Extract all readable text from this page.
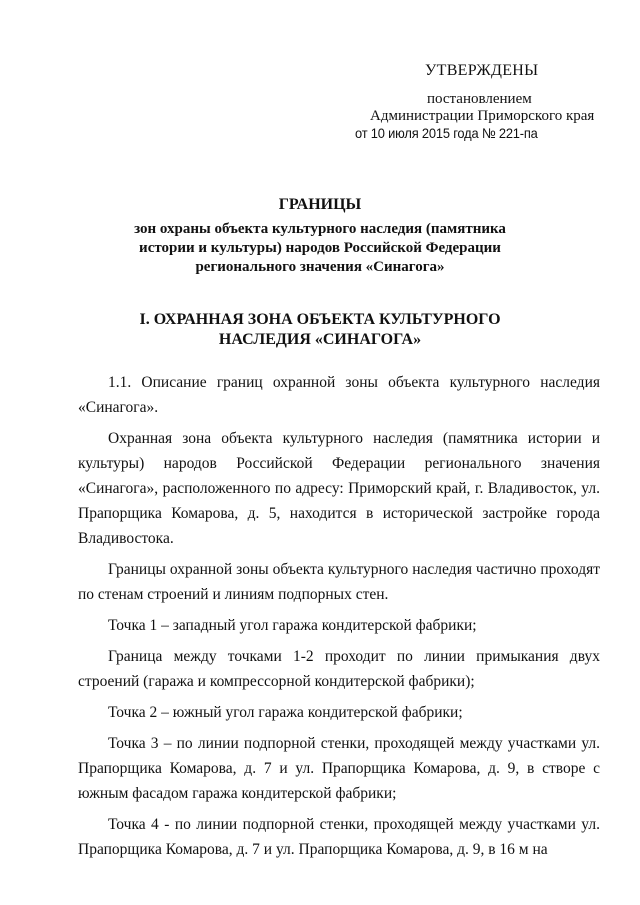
УТВЕРЖДЕНЫ
постановлением
Администрации Приморского края
от 10 июля 2015 года № 221-па
ГРАНИЦЫ
зон охраны объекта культурного наследия (памятника
истории и культуры) народов Российской Федерации
регионального значения «Синагога»
I. ОХРАННАЯ ЗОНА ОБЪЕКТА КУЛЬТУРНОГО
НАСЛЕДИЯ «СИНАГОГА»

1.1. Описание границ охранной зоны объекта культурного наследия «Синагога».

Охранная зона объекта культурного наследия (памятника истории и культуры) народов Российской Федерации регионального значения «Синагога», расположенного по адресу: Приморский край, г. Владивосток, ул. Прапорщика Комарова, д. 5, находится в исторической застройке города Владивостока.

Границы охранной зоны объекта культурного наследия частично проходят по стенам строений и линиям подпорных стен.

Точка 1 – западный угол гаража кондитерской фабрики;

Граница между точками 1-2 проходит по линии примыкания двух строений (гаража и компрессорной кондитерской фабрики);

Точка 2 – южный угол гаража кондитерской фабрики;

Точка 3 – по линии подпорной стенки, проходящей между участками ул. Прапорщика Комарова, д. 7 и ул. Прапорщика Комарова, д. 9, в створе с южным фасадом гаража кондитерской фабрики;

Точка 4 - по линии подпорной стенки, проходящей между участками ул. Прапорщика Комарова, д. 7 и ул. Прапорщика Комарова, д. 9, в 16 м на
